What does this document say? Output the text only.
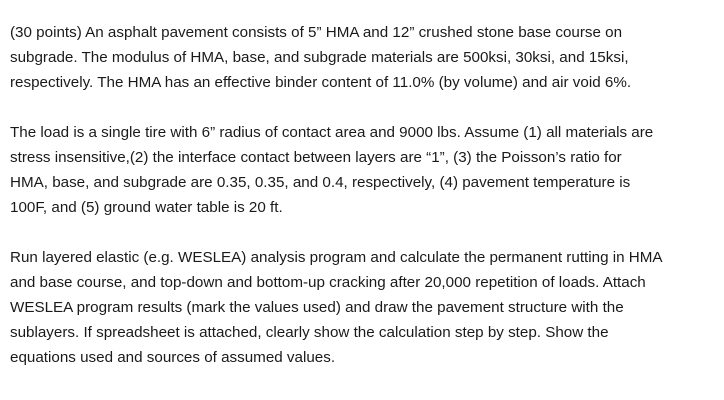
(30 points) An asphalt pavement consists of 5” HMA and 12” crushed stone base course on
subgrade. The modulus of HMA, base, and subgrade materials are 500ksi, 30ksi, and 15ksi,
respectively. The HMA has an effective binder content of 11.0% (by volume) and air void 6%.

The load is a single tire with 6” radius of contact area and 9000 lbs. Assume (1) all materials are
stress insensitive,(2) the interface contact between layers are “1”, (3) the Poisson’s ratio for
HMA, base, and subgrade are 0.35, 0.35, and 0.4, respectively, (4) pavement temperature is
100F, and (5) ground water table is 20 ft.

Run layered elastic (e.g. WESLEA) analysis program and calculate the permanent rutting in HMA
and base course, and top-down and bottom-up cracking after 20,000 repetition of loads. Attach
WESLEA program results (mark the values used) and draw the pavement structure with the
sublayers. If spreadsheet is attached, clearly show the calculation step by step. Show the
equations used and sources of assumed values.
